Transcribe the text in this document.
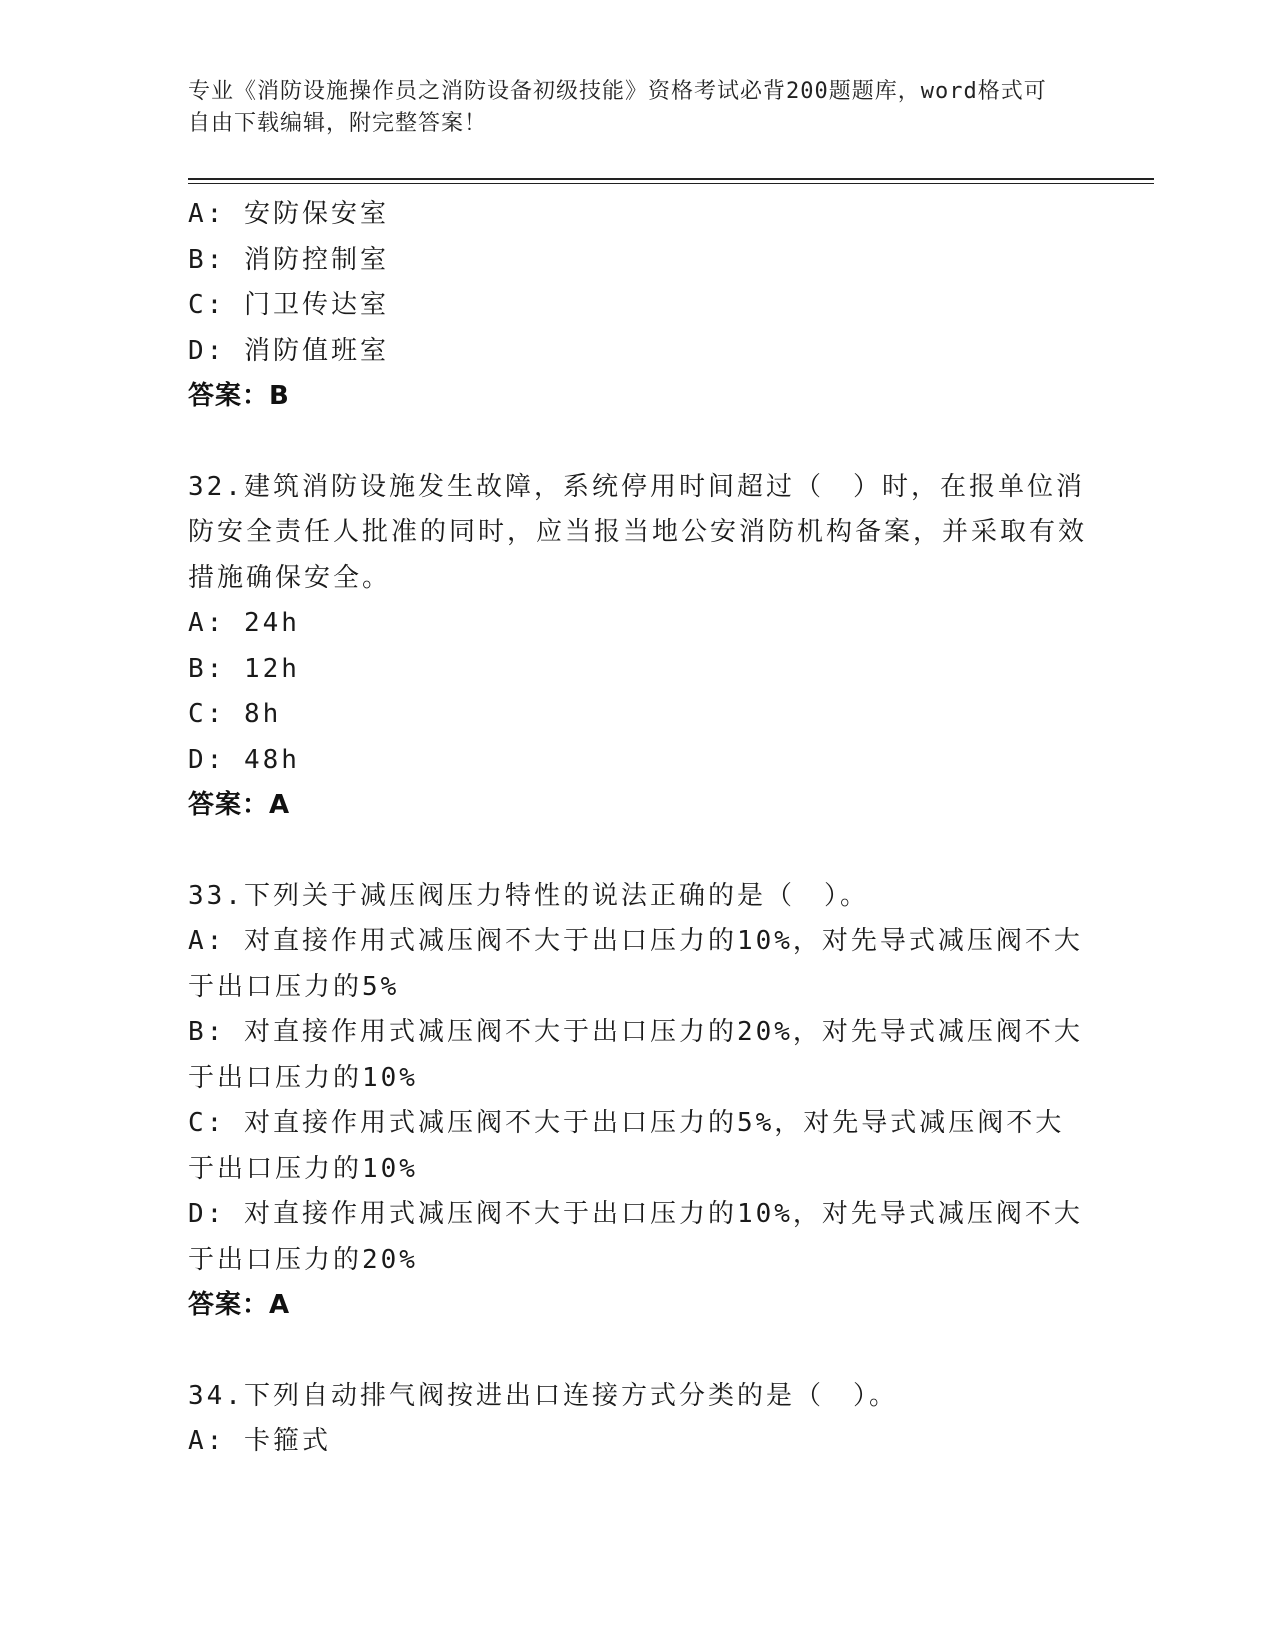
专业《消防设施操作员之消防设备初级技能》资格考试必背200题题库，word格式可自由下载编辑，附完整答案！
A: 安防保安室
B: 消防控制室
C: 门卫传达室
D: 消防值班室
答案：B
32.建筑消防设施发生故障，系统停用时间超过（　）时，在报单位消防安全责任人批准的同时，应当报当地公安消防机构备案，并采取有效措施确保安全。
A: 24h
B: 12h
C: 8h
D: 48h
答案：A
33.下列关于减压阀压力特性的说法正确的是（　）。
A: 对直接作用式减压阀不大于出口压力的10%，对先导式减压阀不大于出口压力的5%
B: 对直接作用式减压阀不大于出口压力的20%，对先导式减压阀不大于出口压力的10%
C: 对直接作用式减压阀不大于出口压力的5%，对先导式减压阀不大于出口压力的10%
D: 对直接作用式减压阀不大于出口压力的10%，对先导式减压阀不大于出口压力的20%
答案：A
34.下列自动排气阀按进出口连接方式分类的是（　）。
A: 卡箍式
